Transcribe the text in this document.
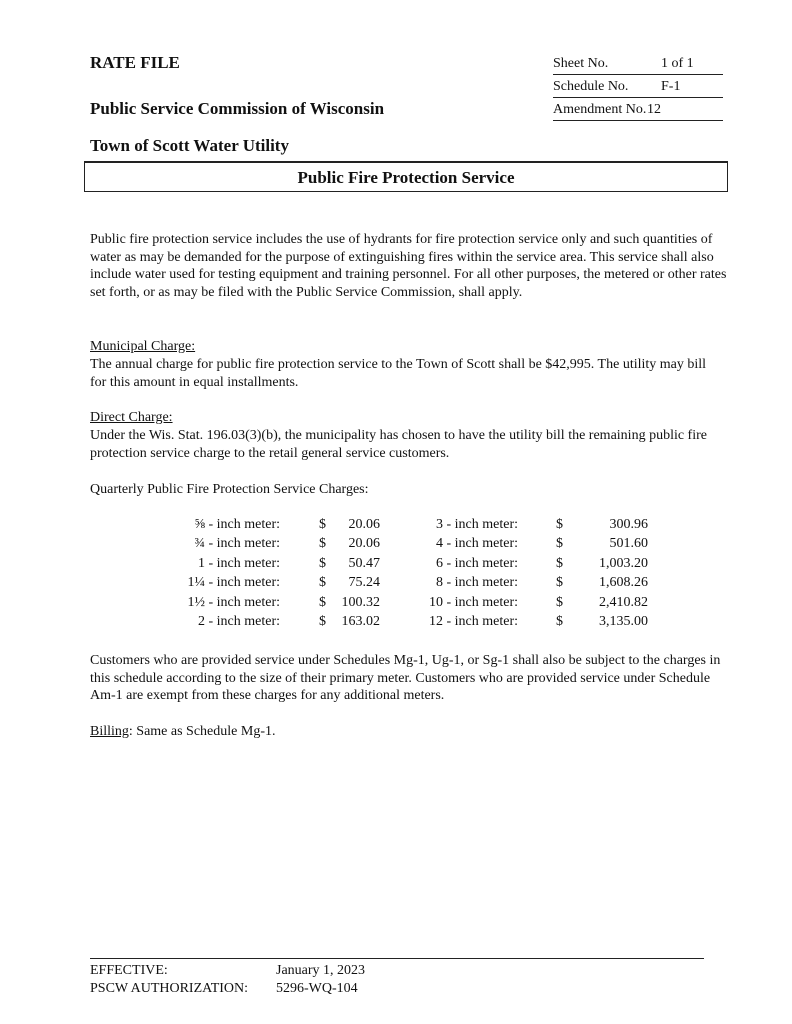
RATE FILE
Public Service Commission of Wisconsin
Town of Scott Water Utility
Sheet No.	1 of 1
Schedule No. F-1
Amendment No. 12
Public Fire Protection Service
Public fire protection service includes the use of hydrants for fire protection service only and such quantities of water as may be demanded for the purpose of extinguishing fires within the service area. This service shall also include water used for testing equipment and training personnel. For all other purposes, the metered or other rates set forth, or as may be filed with the Public Service Commission, shall apply.
Municipal Charge:
The annual charge for public fire protection service to the Town of Scott shall be $42,995. The utility may bill for this amount in equal installments.
Direct Charge:
Under the Wis. Stat. 196.03(3)(b), the municipality has chosen to have the utility bill the remaining public fire protection service charge to the retail general service customers.
Quarterly Public Fire Protection Service Charges:
⅝ - inch meter:	$	20.06	3 - inch meter:	$	300.96
¾ - inch meter:	$	20.06	4 - inch meter:	$	501.60
1 - inch meter:	$	50.47	6 - inch meter:	$	1,003.20
1¼ - inch meter:	$	75.24	8 - inch meter:	$	1,608.26
1½ - inch meter:	$	100.32	10 - inch meter:	$	2,410.82
2 - inch meter:	$	163.02	12 - inch meter:	$	3,135.00
Customers who are provided service under Schedules Mg-1, Ug-1, or Sg-1 shall also be subject to the charges in this schedule according to the size of their primary meter. Customers who are provided service under Schedule Am-1 are exempt from these charges for any additional meters.
Billing: Same as Schedule Mg-1.
EFFECTIVE:	January 1, 2023
PSCW AUTHORIZATION: 5296-WQ-104
